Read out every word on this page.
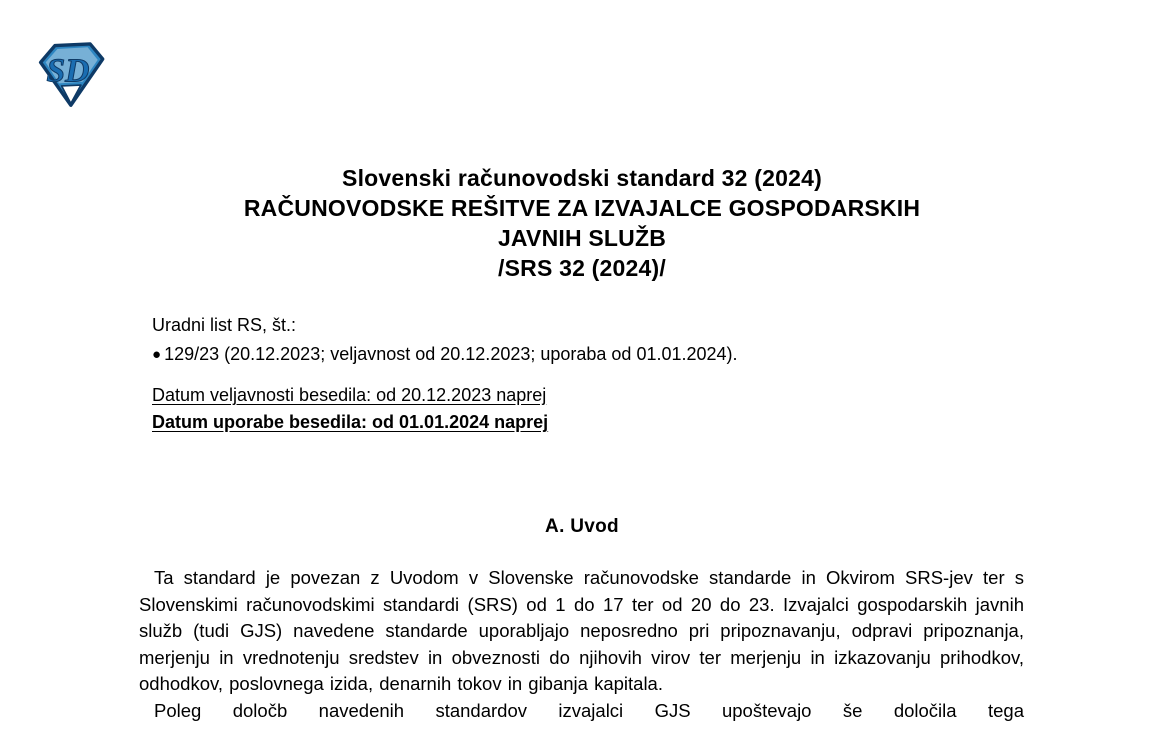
SD
Slovenski računovodski standard 32 (2024)
RAČUNOVODSKE REŠITVE ZA IZVAJALCE GOSPODARSKIH
JAVNIH SLUŽB
/SRS 32 (2024)/
Uradni list RS, št.:
● 129/23 (20.12.2023; veljavnost od 20.12.2023; uporaba od 01.01.2024).
Datum veljavnosti besedila: od 20.12.2023 naprej
Datum uporabe besedila: od 01.01.2024 naprej
A. Uvod

Ta standard je povezan z Uvodom v Slovenske računovodske standarde in Okvirom SRS-jev ter s Slovenskimi računovodskimi standardi (SRS) od 1 do 17 ter od 20 do 23. Izvajalci gospodarskih javnih služb (tudi GJS) navedene standarde uporabljajo neposredno pri pripoznavanju, odpravi pripoznanja, merjenju in vrednotenju sredstev in obveznosti do njihovih virov ter merjenju in izkazovanju prihodkov, odhodkov, poslovnega izida, denarnih tokov in gibanja kapitala.

Poleg določb navedenih standardov izvajalci GJS upoštevajo še določila tega
